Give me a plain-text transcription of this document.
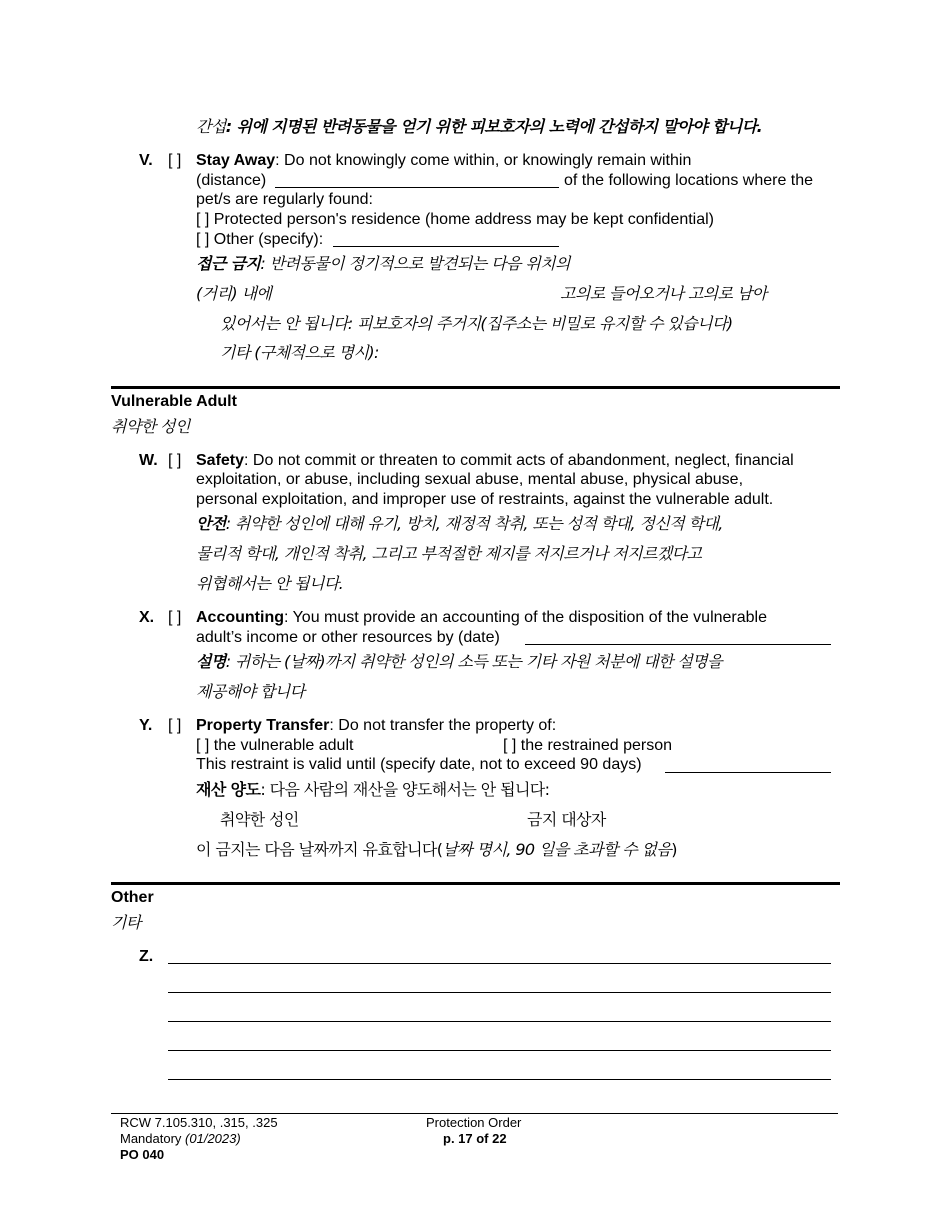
간섭: 위에 지명된 반려동물을 얻기 위한 피보호자의 노력에 간섭하지 말아야 합니다.
V. [ ] Stay Away: Do not knowingly come within, or knowingly remain within
(distance)	of the following locations where the
pet/s are regularly found:
[ ] Protected person's residence (home address may be kept confidential)
[ ] Other (specify):
접근 금지: 반려동물이 정기적으로 발견되는 다음 위치의
(거리) 내에	고의로 들어오거나 고의로 남아
있어서는 안 됩니다: 피보호자의 주거지(집주소는 비밀로 유지할 수 있습니다)
기타 (구체적으로 명시):
Vulnerable Adult
취약한 성인
W. [ ] Safety: Do not commit or threaten to commit acts of abandonment, neglect, financial
exploitation, or abuse, including sexual abuse, mental abuse, physical abuse,
personal exploitation, and improper use of restraints, against the vulnerable adult.
안전: 취약한 성인에 대해 유기, 방치, 재정적 착취, 또는 성적 학대, 정신적 학대,
물리적 학대, 개인적 착취, 그리고 부적절한 제지를 저지르거나 저지르겠다고
위협해서는 안 됩니다.
X. [ ] Accounting: You must provide an accounting of the disposition of the vulnerable
adult’s income or other resources by (date)
설명: 귀하는 (날짜)까지 취약한 성인의 소득 또는 기타 자원 처분에 대한 설명을
제공해야 합니다
Y. [ ] Property Transfer: Do not transfer the property of:
[ ] the vulnerable adult	[ ] the restrained person
This restraint is valid until (specify date, not to exceed 90 days)
재산 양도: 다음 사람의 재산을 양도해서는 안 됩니다:
취약한 성인	금지 대상자
이 금지는 다음 날짜까지 유효합니다(날짜 명시, 90 일을 초과할 수 없음)
Other
기타
Z.
RCW 7.105.310, .315, .325
Mandatory (01/2023)
PO 040
Protection Order
p. 17 of 22
